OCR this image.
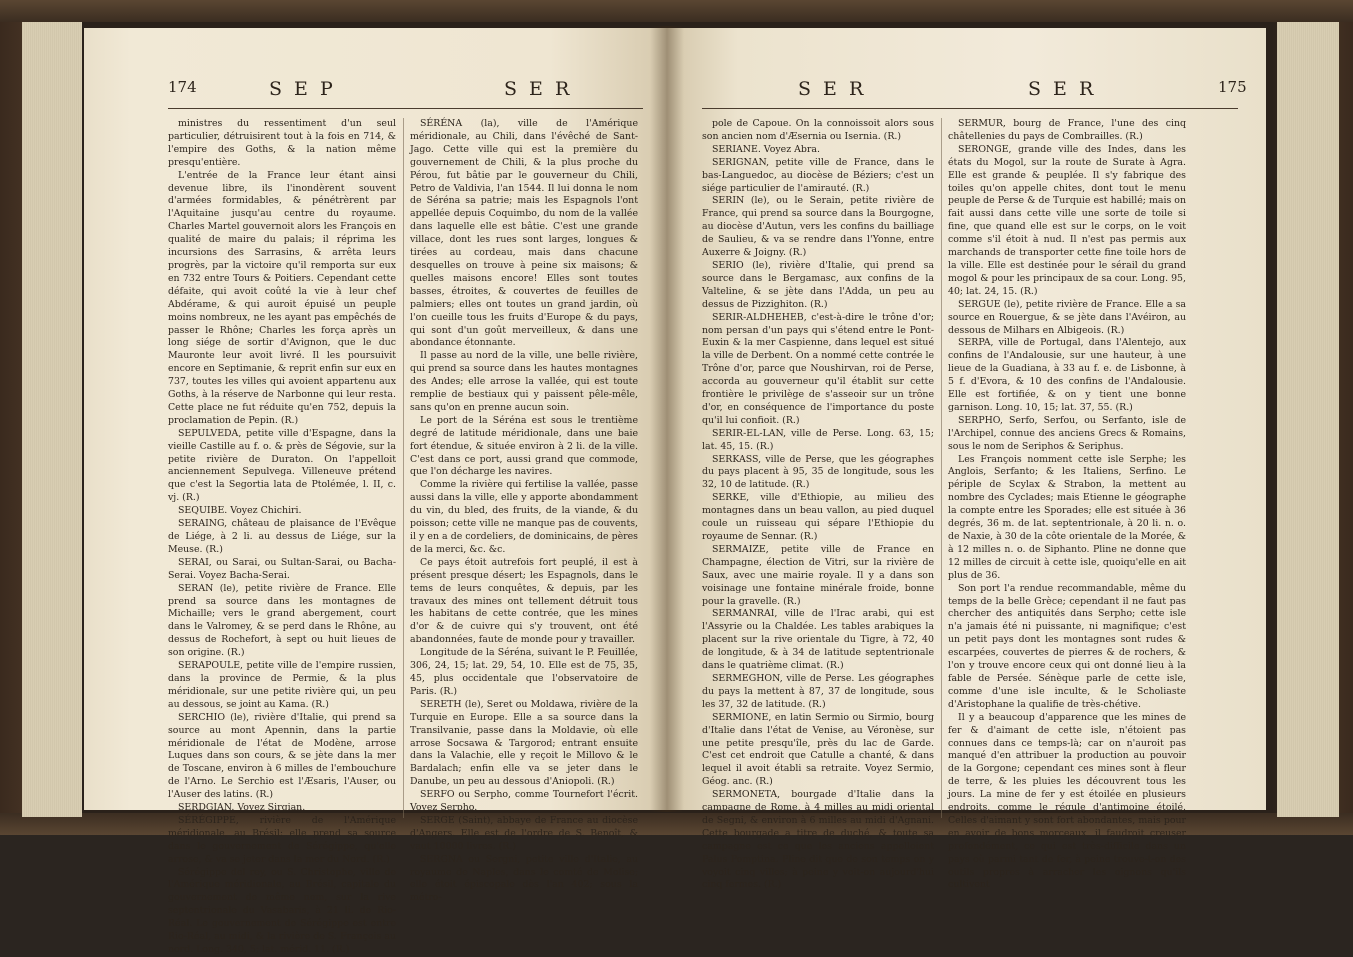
174	S E P	S E R

ministres du ressentiment d'un seul particulier, détruisirent tout à la fois en 714, & l'empire des Goths, & la nation même presqu'entière.

L'entrée de la France leur étant ainsi devenue libre, ils l'inondèrent souvent d'armées formidables, & pénétrèrent par l'Aquitaine jusqu'au centre du royaume. Charles Martel gouvernoit alors les François en qualité de maire du palais; il réprima les incursions des Sarrasins, & arrêta leurs progrès, par la victoire qu'il remporta sur eux en 732 entre Tours & Poitiers. Cependant cette défaite, qui avoit coûté la vie à leur chef Abdérame, & qui auroit épuisé un peuple moins nombreux, ne les ayant pas empêchés de passer le Rhône; Charles les força après un long siége de sortir d'Avignon, que le duc Mauronte leur avoit livré. Il les poursuivit encore en Septimanie, & reprit enfin sur eux en 737, toutes les villes qui avoient appartenu aux Goths, à la réserve de Narbonne qui leur resta. Cette place ne fut réduite qu'en 752, depuis la proclamation de Pepin. (R.)

SEPULVEDA, petite ville d'Espagne, dans la vieille Castille au f. o. & près de Ségovie, sur la petite rivière de Duraton. On l'appelloit anciennement Sepulvega. Villeneuve prétend que c'est la Segortia lata de Ptolémée, l. II, c. vj. (R.)

SEQUIBE. Voyez Chichiri.

SERAING, château de plaisance de l'Evêque de Liége, à 2 li. au dessus de Liége, sur la Meuse. (R.)

SERAI, ou Sarai, ou Sultan-Sarai, ou Bacha-Serai. Voyez Bacha-Serai.

SERAN (le), petite rivière de France. Elle prend sa source dans les montagnes de Michaille; vers le grand abergement, court dans le Valromey, & se perd dans le Rhône, au dessus de Rochefort, à sept ou huit lieues de son origine. (R.)

SERAPOULE, petite ville de l'empire russien, dans la province de Permie, & la plus méridionale, sur une petite rivière qui, un peu au dessous, se joint au Kama. (R.)

SERCHIO (le), rivière d'Italie, qui prend sa source au mont Apennin, dans la partie méridionale de l'état de Modène, arrose Luques dans son cours, & se jète dans la mer de Toscane, environ à 6 milles de l'embouchure de l'Arno. Le Serchio est l'Æsaris, l'Auser, ou l'Auser des latins. (R.)

SERDGIAN. Voyez Sirgian.

SÉRÉGIPPE, rivière de l'Amérique méridionale, au Brésil; elle prend sa source dans le gouvernement de Sérégippe, qu'elle arrose, & va se jeter dans la mer du Nord. (R.)

Sérégippe del rey, ou S. Christophe, ville de l'Amérique méridionale, au Brésil, capitale du gouvernement de même nom, sur la rive septentrionale du Vasabaris, à 21 li. de Rio-Réal. Le gouvernement de Sérégippe est entre Rio-Réal, au midi, & la rivière de S. François au nord. Long. 340, 5; lat. mérid. 11. (R.)

SÉRÉNA (la), ville de l'Amérique méridionale, au Chili, dans l'évêché de Sant-Jago. Cette ville qui est la première du gouvernement de Chili, & la plus proche du Pérou, fut bâtie par le gouverneur du Chili, Petro de Valdivia, l'an 1544. Il lui donna le nom de Séréna sa patrie; mais les Espagnols l'ont appellée depuis Coquimbo, du nom de la vallée dans laquelle elle est bâtie. C'est une grande villace, dont les rues sont larges, longues & tirées au cordeau, mais dans chacune desquelles on trouve à peine six maisons; & quelles maisons encore! Elles sont toutes basses, étroites, & couvertes de feuilles de palmiers; elles ont toutes un grand jardin, où l'on cueille tous les fruits d'Europe & du pays, qui sont d'un goût merveilleux, & dans une abondance étonnante.

Il passe au nord de la ville, une belle rivière, qui prend sa source dans les hautes montagnes des Andes; elle arrose la vallée, qui est toute remplie de bestiaux qui y paissent pêle-mêle, sans qu'on en prenne aucun soin.

Le port de la Séréna est sous le trentième degré de latitude méridionale, dans une baie fort étendue, & située environ à 2 li. de la ville. C'est dans ce port, aussi grand que commode, que l'on décharge les navires.

Comme la rivière qui fertilise la vallée, passe aussi dans la ville, elle y apporte abondamment du vin, du bled, des fruits, de la viande, & du poisson; cette ville ne manque pas de couvents, il y en a de cordeliers, de dominicains, de pères de la merci, &c. &c.

Ce pays étoit autrefois fort peuplé, il est à présent presque désert; les Espagnols, dans le tems de leurs conquêtes, & depuis, par les travaux des mines ont tellement détruit tous les habitans de cette contrée, que les mines d'or & de cuivre qui s'y trouvent, ont été abandonnées, faute de monde pour y travailler.

Longitude de la Séréna, suivant le P. Feuillée, 306, 24, 15; lat. 29, 54, 10. Elle est de 75, 35, 45, plus occidentale que l'observatoire de Paris. (R.)

SERETH (le), Seret ou Moldawa, rivière de la Turquie en Europe. Elle a sa source dans la Transilvanie, passe dans la Moldavie, où elle arrose Socsawa & Targorod; entrant ensuite dans la Valachie, elle y reçoit le Millovo & le Bardalach; enfin elle va se jeter dans le Danube, un peu au dessous d'Aniopoli. (R.)

SERFO ou Serpho, comme Tournefort l'écrit. Voyez Serpho.

SERGE (Saint), abbaye de France au diocèse d'Angers. Elle est de l'ordre de S. Benoît, & vaut 10000 livres. (R.)

SERGNA ou Sergni, petite ville d'Italie, au royaume de Naples, dans le comté de Molise; elle étoit épiscopale dès l'an 402; sous la métro-

S E R	S E R	175

pole de Capoue. On la connoissoit alors sous son ancien nom d'Æsernia ou Isernia. (R.)

SERIANE. Voyez Abra.

SERIGNAN, petite ville de France, dans le bas-Languedoc, au diocèse de Béziers; c'est un siége particulier de l'amirauté. (R.)

SERIN (le), ou le Serain, petite rivière de France, qui prend sa source dans la Bourgogne, au diocèse d'Autun, vers les confins du bailliage de Saulieu, & va se rendre dans l'Yonne, entre Auxerre & Joigny. (R.)

SERIO (le), rivière d'Italie, qui prend sa source dans le Bergamasc, aux confins de la Valteline, & se jète dans l'Adda, un peu au dessus de Pizzighiton. (R.)

SERIR-ALDHEHEB, c'est-à-dire le trône d'or; nom persan d'un pays qui s'étend entre le Pont-Euxin & la mer Caspienne, dans lequel est situé la ville de Derbent. On a nommé cette contrée le Trône d'or, parce que Noushirvan, roi de Perse, accorda au gouverneur qu'il établit sur cette frontière le privilège de s'asseoir sur un trône d'or, en conséquence de l'importance du poste qu'il lui confioit. (R.)

SERIR-EL-LAN, ville de Perse. Long. 63, 15; lat. 45, 15. (R.)

SERKASS, ville de Perse, que les géographes du pays placent à 95, 35 de longitude, sous les 32, 10 de latitude. (R.)

SERKE, ville d'Ethiopie, au milieu des montagnes dans un beau vallon, au pied duquel coule un ruisseau qui sépare l'Ethiopie du royaume de Sennar. (R.)

SERMAIZE, petite ville de France en Champagne, élection de Vitri, sur la rivière de Saux, avec une mairie royale. Il y a dans son voisinage une fontaine minérale froide, bonne pour la gravelle. (R.)

SERMANRAI, ville de l'Irac arabi, qui est l'Assyrie ou la Chaldée. Les tables arabiques la placent sur la rive orientale du Tigre, à 72, 40 de longitude, & à 34 de latitude septentrionale dans le quatrième climat. (R.)

SERMEGHON, ville de Perse. Les géographes du pays la mettent à 87, 37 de longitude, sous les 37, 32 de latitude. (R.)

SERMIONE, en latin Sermio ou Sirmio, bourg d'Italie dans l'état de Venise, au Véronèse, sur une petite presqu'île, près du lac de Garde. C'est cet endroit que Catulle a chanté, & dans lequel il avoit établi sa retraite. Voyez Sermio, Géog. anc. (R.)

SERMONETA, bourgade d'Italie dans la campagne de Rome, à 4 milles au midi oriental de Segni, & environ à 6 milles au midi d'Agnani. Cette bourgade a titre de duché, & toute sa campagne est ce que les anciens appelloient Palus Pomptina. Pline dit que de son temps on y voyoit cinq villes; à peine y voit-on aujourd'hui cinq fermes. (R.)

SERMUR, bourg de France, l'une des cinq châtellenies du pays de Combrailles. (R.)

SERONGE, grande ville des Indes, dans les états du Mogol, sur la route de Surate à Agra. Elle est grande & peuplée. Il s'y fabrique des toiles qu'on appelle chites, dont tout le menu peuple de Perse & de Turquie est habillé; mais on fait aussi dans cette ville une sorte de toile si fine, que quand elle est sur le corps, on le voit comme s'il étoit à nud. Il n'est pas permis aux marchands de transporter cette fine toile hors de la ville. Elle est destinée pour le sérail du grand mogol & pour les principaux de sa cour. Long. 95, 40; lat. 24, 15. (R.)

SERGUE (le), petite rivière de France. Elle a sa source en Rouergue, & se jète dans l'Avéiron, au dessous de Milhars en Albigeois. (R.)

SERPA, ville de Portugal, dans l'Alentejo, aux confins de l'Andalousie, sur une hauteur, à une lieue de la Guadiana, à 33 au f. e. de Lisbonne, à 5 f. d'Evora, & 10 des confins de l'Andalousie. Elle est fortifiée, & on y tient une bonne garnison. Long. 10, 15; lat. 37, 55. (R.)

SERPHO, Serfo, Serfou, ou Serfanto, isle de l'Archipel, connue des anciens Grecs & Romains, sous le nom de Seriphos & Seriphus.

Les François nomment cette isle Serphe; les Anglois, Serfanto; & les Italiens, Serfino. Le périple de Scylax & Strabon, la mettent au nombre des Cyclades; mais Etienne le géographe la compte entre les Sporades; elle est située à 36 degrés, 36 m. de lat. septentrionale, à 20 li. n. o. de Naxie, à 30 de la côte orientale de la Morée, & à 12 milles n. o. de Siphanto. Pline ne donne que 12 milles de circuit à cette isle, quoiqu'elle en ait plus de 36.

Son port l'a rendue recommandable, même du temps de la belle Grèce; cependant il ne faut pas chercher des antiquités dans Serpho; cette isle n'a jamais été ni puissante, ni magnifique; c'est un petit pays dont les montagnes sont rudes & escarpées, couvertes de pierres & de rochers, & l'on y trouve encore ceux qui ont donné lieu à la fable de Persée. Sénèque parle de cette isle, comme d'une isle inculte, & le Scholiaste d'Aristophane la qualifie de très-chétive.

Il y a beaucoup d'apparence que les mines de fer & d'aimant de cette isle, n'étoient pas connues dans ce temps-là; car on n'auroit pas manqué d'en attribuer la production au pouvoir de la Gorgone; cependant ces mines sont à fleur de terre, & les pluies les découvrent tous les jours. La mine de fer y est étoilée en plusieurs endroits, comme le régule d'antimoine étoilé. Celles d'aimant y sont fort abondantes, mais pour en avoir de bons morceaux, il faudroit creuser profondément, ce qui est très-difficile dans un pays où parmi tant de fer, à peine trouve-t-on des outils propres à arracher les oignons qu'ils cultivent
